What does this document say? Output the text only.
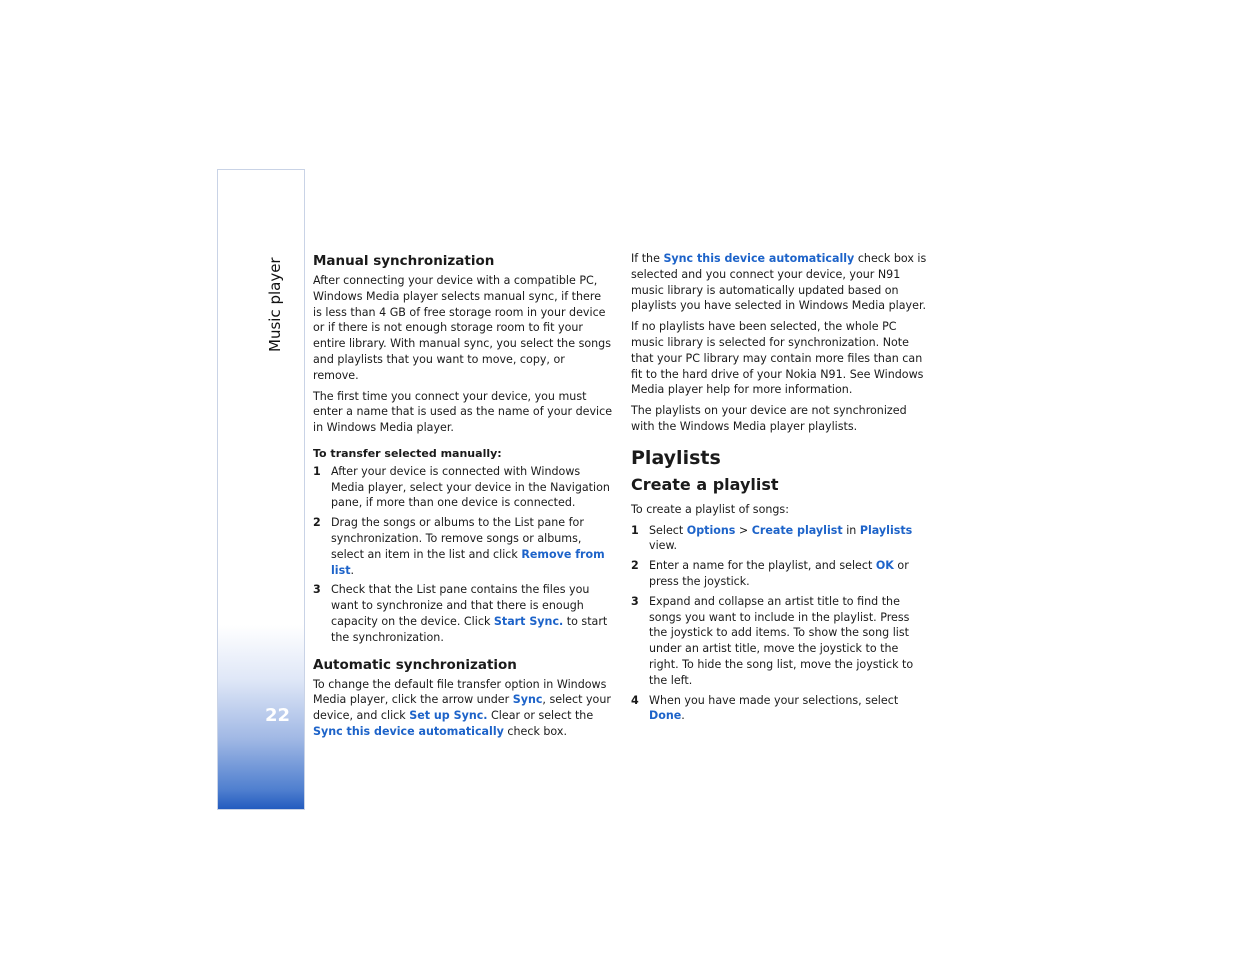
Music player
22
Manual synchronization

After connecting your device with a compatible PC, Windows Media player selects manual sync, if there is less than 4 GB of free storage room in your device or if there is not enough storage room to fit your entire library. With manual sync, you select the songs and playlists that you want to move, copy, or remove.

The first time you connect your device, you must enter a name that is used as the name of your device in Windows Media player.

To transfer selected manually:
1 After your device is connected with Windows Media player, select your device in the Navigation pane, if more than one device is connected.
2 Drag the songs or albums to the List pane for synchronization. To remove songs or albums, select an item in the list and click Remove from list.
3 Check that the List pane contains the files you want to synchronize and that there is enough capacity on the device. Click Start Sync. to start the synchronization.
Automatic synchronization

To change the default file transfer option in Windows Media player, click the arrow under Sync, select your device, and click Set up Sync. Clear or select the Sync this device automatically check box.

If the Sync this device automatically check box is selected and you connect your device, your N91 music library is automatically updated based on playlists you have selected in Windows Media player.

If no playlists have been selected, the whole PC music library is selected for synchronization. Note that your PC library may contain more files than can fit to the hard drive of your Nokia N91. See Windows Media player help for more information.

The playlists on your device are not synchronized with the Windows Media player playlists.

Playlists
Create a playlist

To create a playlist of songs:

1 Select Options > Create playlist in Playlists view.
2 Enter a name for the playlist, and select OK or press the joystick.
3 Expand and collapse an artist title to find the songs you want to include in the playlist. Press the joystick to add items. To show the song list under an artist title, move the joystick to the right. To hide the song list, move the joystick to the left.
4 When you have made your selections, select Done.
